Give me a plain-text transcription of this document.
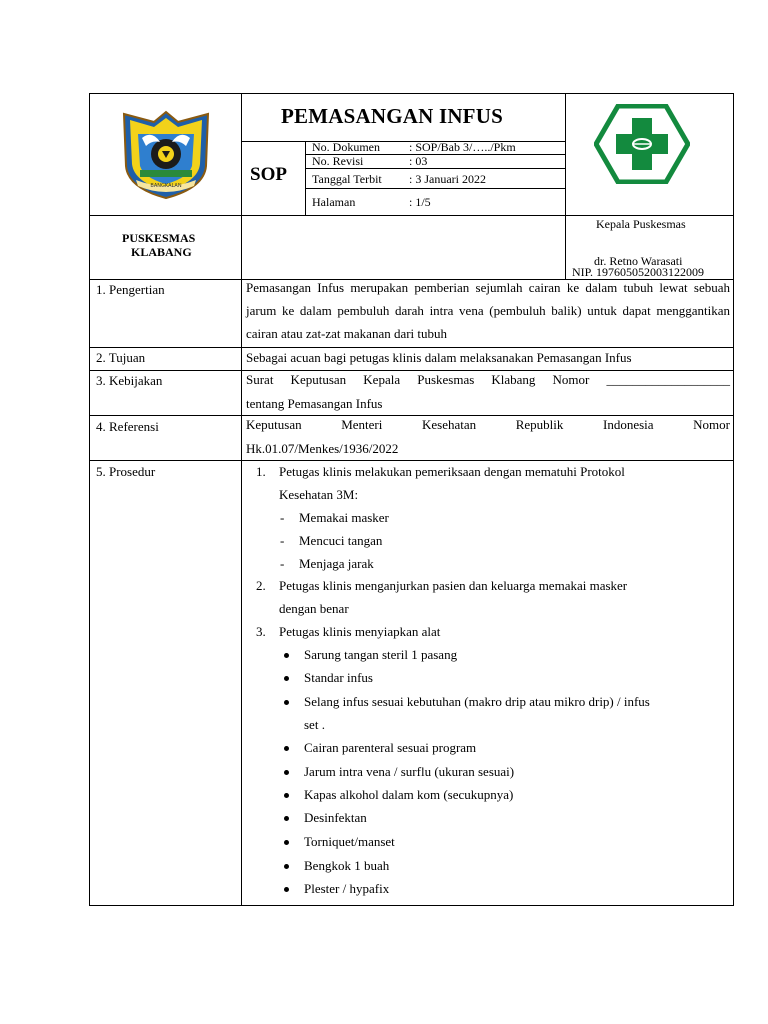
BANGKALAN
PEMASANGAN INFUS
SOP
No. Dokumen : SOP/Bab 3/…../Pkm
No. Revisi	: 03
Tanggal Terbit : 3 Januari 2022
Halaman	: 1/5
PUSKESMAS
KLABANG
Kepala Puskesmas
dr. Retno Warasati
NIP. 197605052003122009
1. Pengertian	Pemasangan Infus merupakan pemberian sejumlah cairan ke dalam tubuh lewat sebuah jarum ke dalam pembuluh darah intra vena (pembuluh balik) untuk dapat menggantikan cairan atau zat-zat makanan dari tubuh
2. Tujuan	Sebagai acuan bagi petugas klinis dalam melaksanakan Pemasangan Infus
3. Kebijakan	Surat Keputusan Kepala Puskesmas Klabang Nomor ___________________
tentang Pemasangan Infus
4. Referensi	Keputusan Menteri Kesehatan Republik Indonesia Nomor
Hk.01.07/Menkes/1936/2022
5. Prosedur	1. Petugas klinis melakukan pemeriksaan dengan mematuhi Protokol
Kesehatan 3M:
- Memakai masker
- Mencuci tangan
- Menjaga jarak
2. Petugas klinis menganjurkan pasien dan keluarga memakai masker
dengan benar
3. Petugas klinis menyiapkan alat
Sarung tangan steril 1 pasang
Standar infus
Selang infus sesuai kebutuhan (makro drip atau mikro drip) / infus
set .
Cairan parenteral sesuai program
Jarum intra vena / surflu (ukuran sesuai)
Kapas alkohol dalam kom (secukupnya)
Desinfektan
Torniquet/manset
Bengkok 1 buah
Plester / hypafix
